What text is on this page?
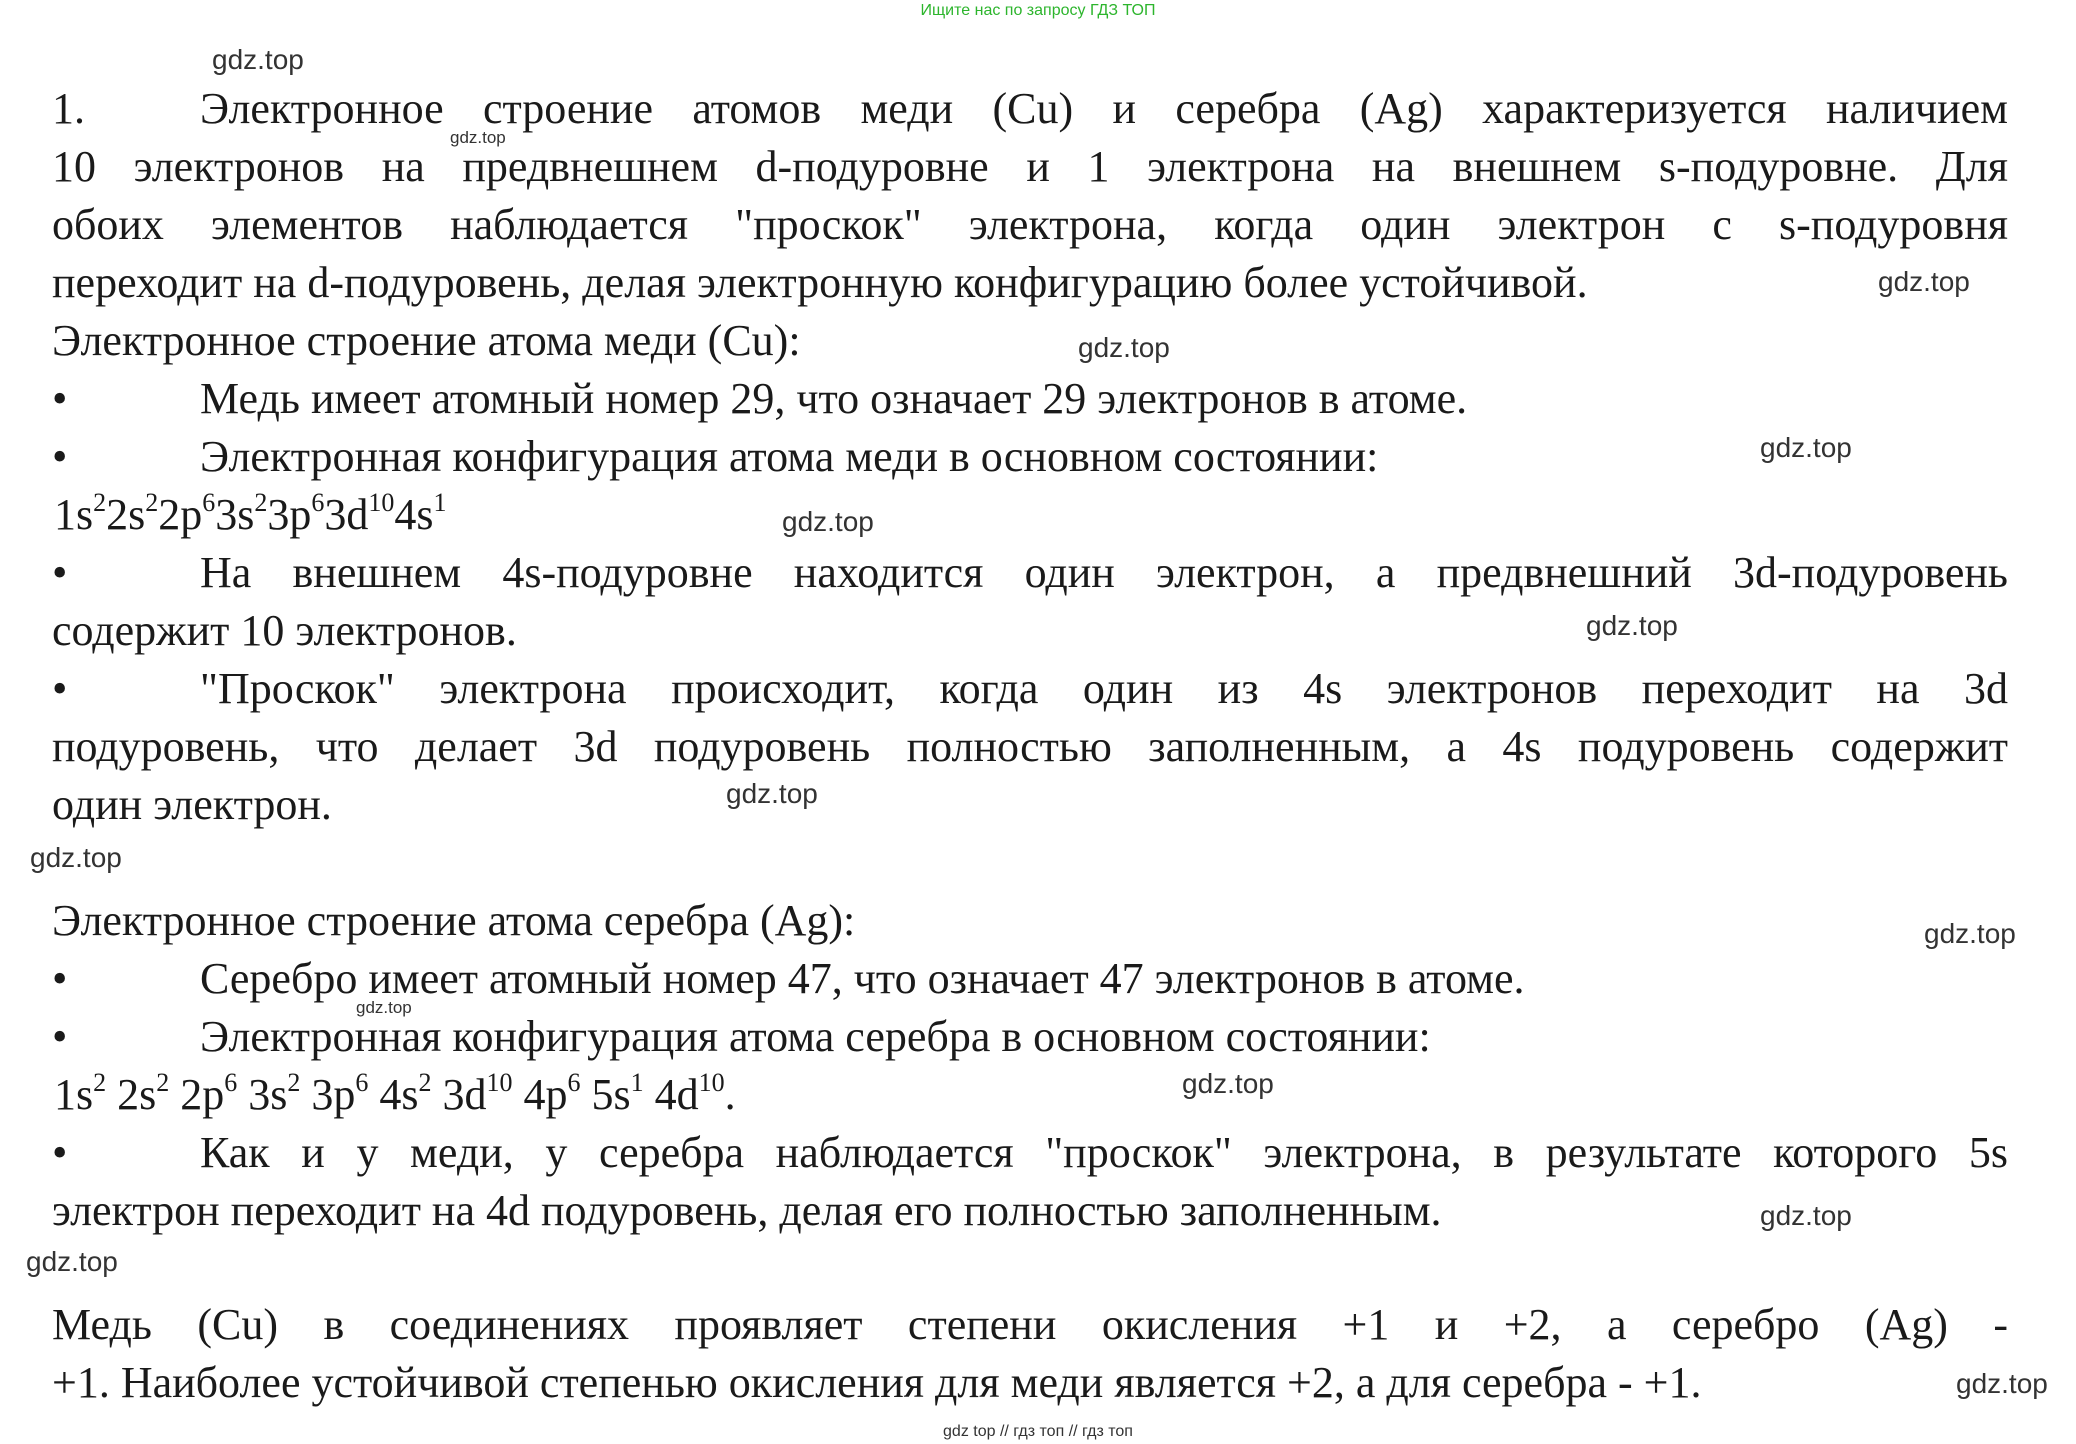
Ищите нас по запросу ГДЗ ТОП
gdz.top
gdz.top
gdz.top
gdz.top
gdz.top
gdz.top
gdz.top
gdz.top
gdz.top
gdz.top
gdz.top
gdz.top
gdz.top
gdz.top
gdz.top
1.	Электронное строение атомов меди (Cu) и серебра (Ag) характеризуется наличием
10 электронов на предвнешнем d-подуровне и 1 электрона на внешнем s-подуровне. Для
обоих элементов наблюдается "проскок" электрона, когда один электрон с s-подуровня
переходит на d-подуровень, делая электронную конфигурацию более устойчивой.
Электронное строение атома меди (Cu):
•	Медь имеет атомный номер 29, что означает 29 электронов в атоме.
•	Электронная конфигурация атома меди в основном состоянии:
$1s^22s^22p^63s^23p^63d^{10}4s^1$
•	На внешнем 4s-подуровне находится один электрон, а предвнешний 3d-подуровень
содержит 10 электронов.
•	"Проскок" электрона происходит, когда один из 4s электронов переходит на 3d
подуровень, что делает 3d подуровень полностью заполненным, а 4s подуровень содержит
один электрон.
Электронное строение атома серебра (Ag):
•	Серебро имеет атомный номер 47, что означает 47 электронов в атоме.
•	Электронная конфигурация атома серебра в основном состоянии:
$1s^2$ $2s^2$ $2p^6$ $3s^2$ $3p^6$ $4s^2$ $3d^{10}$ $4p^6$ $5s^1$ $4d^{10}$.
•	Как и у меди, у серебра наблюдается "проскок" электрона, в результате которого 5s
электрон переходит на 4d подуровень, делая его полностью заполненным.
Медь (Cu) в соединениях проявляет степени окисления +1 и +2, а серебро (Ag) -
+1. Наиболее устойчивой степенью окисления для меди является +2, а для серебра - +1.
gdz top // гдз топ // гдз топ
